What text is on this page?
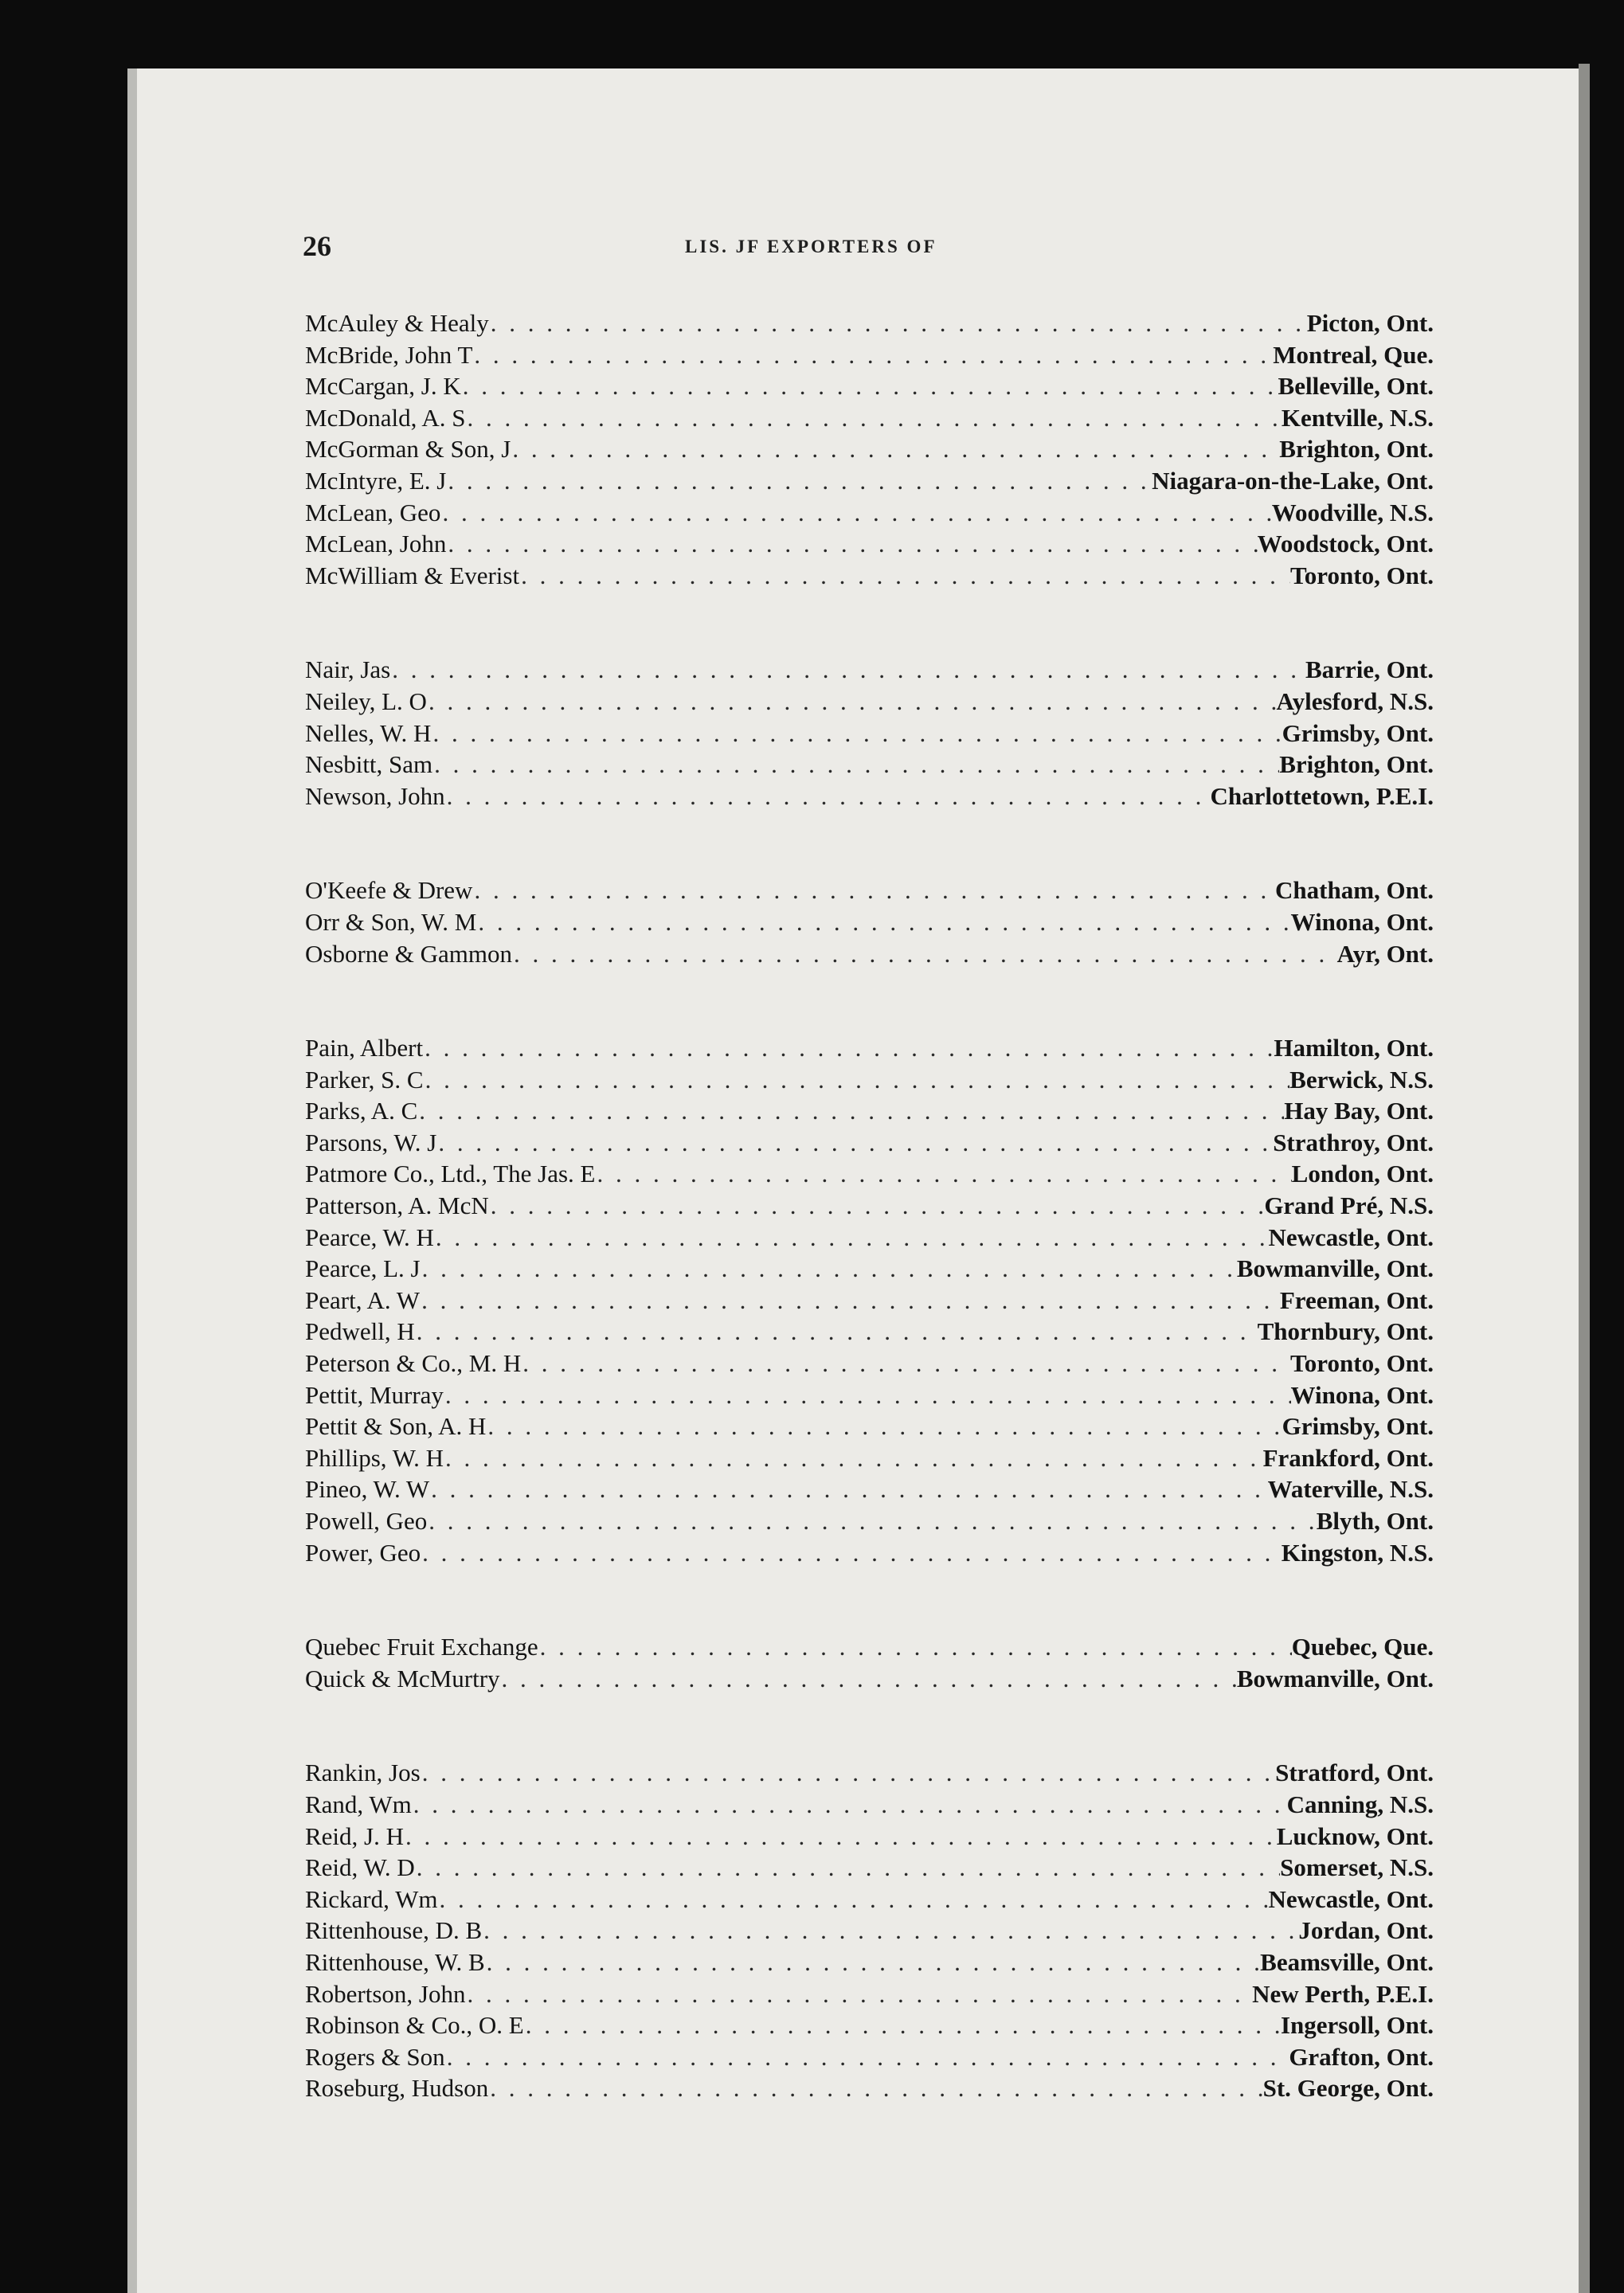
26	LIS. JF EXPORTERS OF
McAuley & Healy . . .	Picton, Ont.
McBride, John T . . .	Montreal, Que.
McCargan, J. K . . .	Belleville, Ont.
McDonald, A. S . . .	Kentville, N.S.
McGorman & Son, J . . .	Brighton, Ont.
McIntyre, E. J . . .	Niagara-on-the-Lake, Ont.
McLean, Geo . . .	Woodville, N.S.
McLean, John . . .	Woodstock, Ont.
McWilliam & Everist . . .	Toronto, Ont.
Nair, Jas . . .	Barrie, Ont.
Neiley, L. O . . .	Aylesford, N.S.
Nelles, W. H . . .	Grimsby, Ont.
Nesbitt, Sam . . .	Brighton, Ont.
Newson, John . . .	Charlottetown, P.E.I.
O'Keefe & Drew . . .	Chatham, Ont.
Orr & Son, W. M . . .	Winona, Ont.
Osborne & Gammon . . .	Ayr, Ont.
Pain, Albert . . .	Hamilton, Ont.
Parker, S. C . . .	Berwick, N.S.
Parks, A. C . . .	Hay Bay, Ont.
Parsons, W. J . . .	Strathroy, Ont.
Patmore Co., Ltd., The Jas. E . . .	London, Ont.
Patterson, A. McN . . .	Grand Pré, N.S.
Pearce, W. H . . .	Newcastle, Ont.
Pearce, L. J . . .	Bowmanville, Ont.
Peart, A. W . . .	Freeman, Ont.
Pedwell, H . . .	Thornbury, Ont.
Peterson & Co., M. H . . .	Toronto, Ont.
Pettit, Murray . . .	Winona, Ont.
Pettit & Son, A. H . . .	Grimsby, Ont.
Phillips, W. H . . .	Frankford, Ont.
Pineo, W. W . . .	Waterville, N.S.
Powell, Geo . . .	Blyth, Ont.
Power, Geo . . .	Kingston, N.S.
Quebec Fruit Exchange . . .	Quebec, Que.
Quick & McMurtry . . .	Bowmanville, Ont.
Rankin, Jos . . .	Stratford, Ont.
Rand, Wm . . .	Canning, N.S.
Reid, J. H . . .	Lucknow, Ont.
Reid, W. D . . .	Somerset, N.S.
Rickard, Wm . . .	Newcastle, Ont.
Rittenhouse, D. B . . .	Jordan, Ont.
Rittenhouse, W. B . . .	Beamsville, Ont.
Robertson, John . . .	New Perth, P.E.I.
Robinson & Co., O. E . . .	Ingersoll, Ont.
Rogers & Son . . .	Grafton, Ont.
Roseburg, Hudson . . .	St. George, Ont.
